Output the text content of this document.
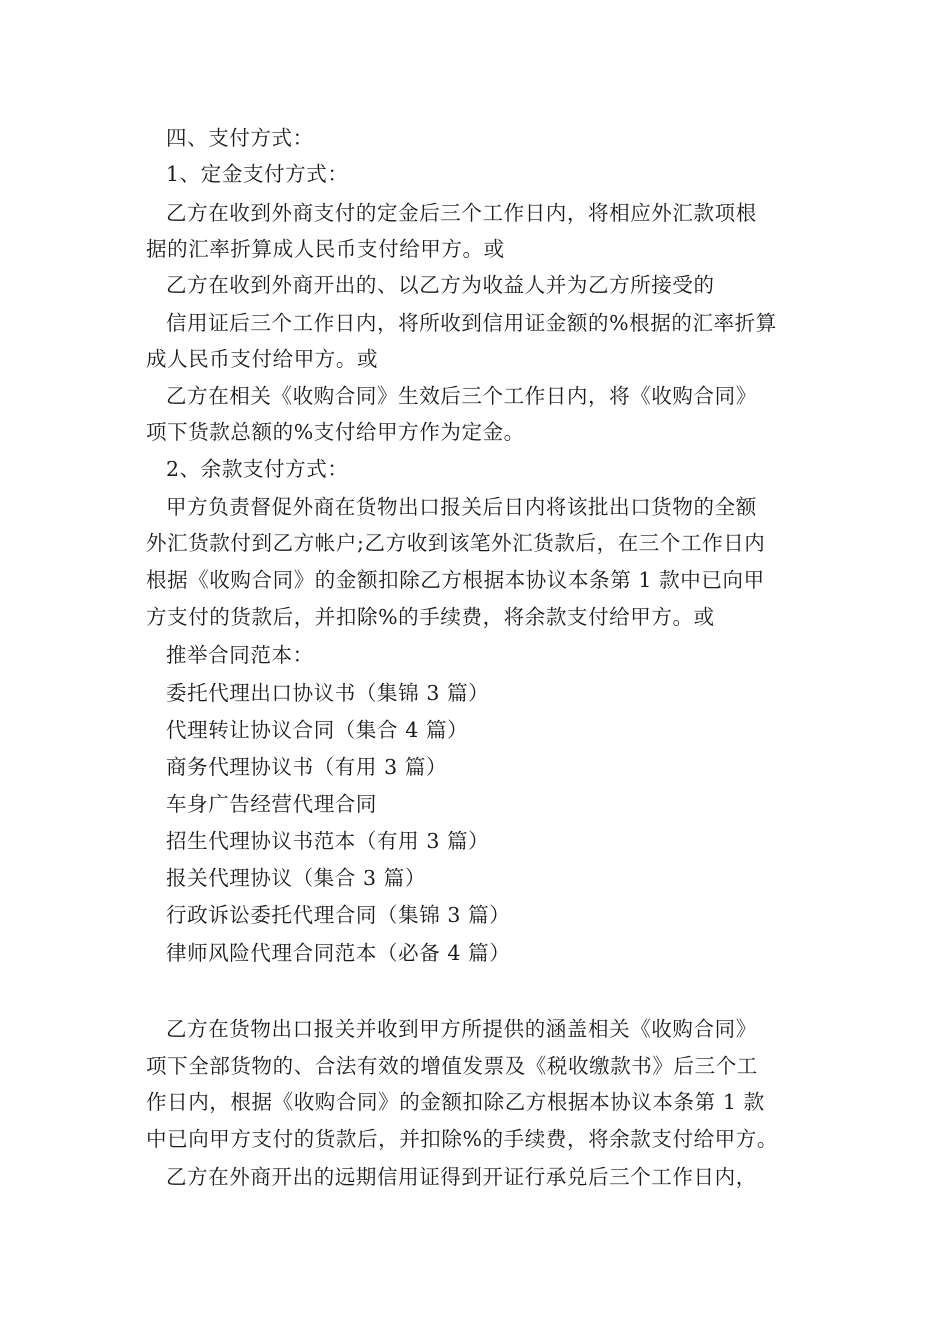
四、支付方式：
1、定金支付方式：
乙方在收到外商支付的定金后三个工作日内，将相应外汇款项根
据的汇率折算成人民币支付给甲方。或
乙方在收到外商开出的、以乙方为收益人并为乙方所接受的
信用证后三个工作日内，将所收到信用证金额的%根据的汇率折算
成人民币支付给甲方。或
乙方在相关《收购合同》生效后三个工作日内，将《收购合同》
项下货款总额的%支付给甲方作为定金。
2、余款支付方式：
甲方负责督促外商在货物出口报关后日内将该批出口货物的全额
外汇货款付到乙方帐户;乙方收到该笔外汇货款后，在三个工作日内
根据《收购合同》的金额扣除乙方根据本协议本条第 1 款中已向甲
方支付的货款后，并扣除%的手续费，将余款支付给甲方。或
推举合同范本：
委托代理出口协议书（集锦 3 篇）
代理转让协议合同（集合 4 篇）
商务代理协议书（有用 3 篇）
车身广告经营代理合同
招生代理协议书范本（有用 3 篇）
报关代理协议（集合 3 篇）
行政诉讼委托代理合同（集锦 3 篇）
律师风险代理合同范本（必备 4 篇）
乙方在货物出口报关并收到甲方所提供的涵盖相关《收购合同》
项下全部货物的、合法有效的增值发票及《税收缴款书》后三个工
作日内，根据《收购合同》的金额扣除乙方根据本协议本条第 1 款
中已向甲方支付的货款后，并扣除%的手续费，将余款支付给甲方。
乙方在外商开出的远期信用证得到开证行承兑后三个工作日内，
